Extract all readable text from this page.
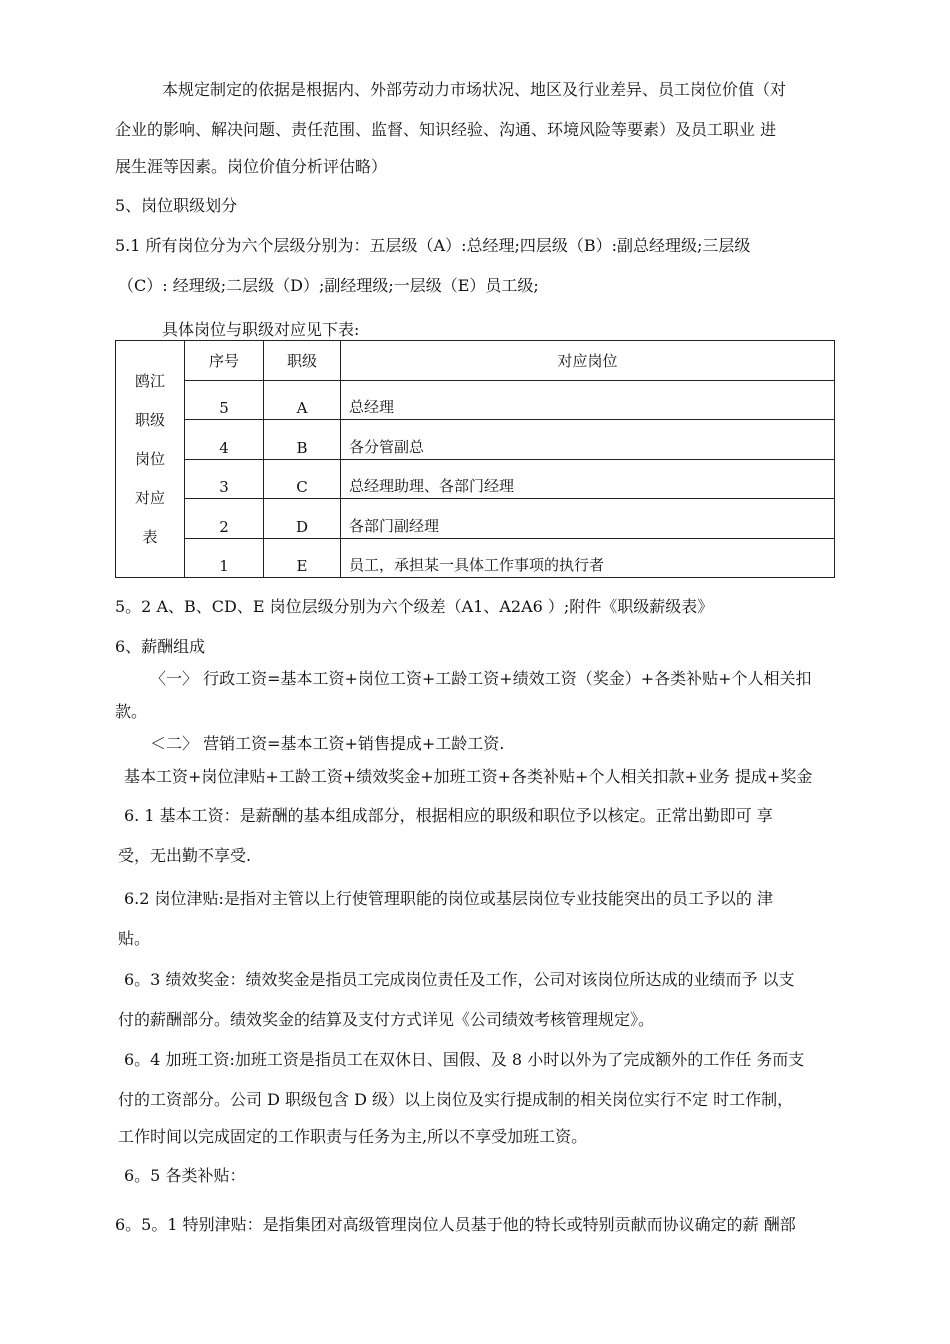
本规定制定的依据是根据内、外部劳动力市场状况、地区及行业差异、员工岗位价值（对
企业的影响、解决问题、责任范围、监督、知识经验、沟通、环境风险等要素）及员工职业 进
展生涯等因素。岗位价值分析评估略）
5、岗位职级划分
5.1 所有岗位分为六个层级分别为：五层级（A）:总经理;四层级（B）:副总经理级;三层级
（C）: 经理级;二层级（D）;副经理级;一层级（E）员工级;
具体岗位与职级对应见下表:
鸥江
职级
岗位
对应
表	序号	职级	对应岗位
	5	A	总经理
	4	B	各分管副总
	3	C	总经理助理、各部门经理
	2	D	各部门副经理
	1	E	员工，承担某一具体工作事项的执行者
5。2 A、B、CD、E 岗位层级分别为六个级差（A1、A2A6 ）;附件《职级薪级表》
6、薪酬组成
〈一〉 行政工资=基本工资+岗位工资+工龄工资+绩效工资（奖金）+各类补贴+个人相关扣
款。
＜二〉 营销工资=基本工资+销售提成+工龄工资.
基本工资+岗位津贴+工龄工资+绩效奖金+加班工资+各类补贴+个人相关扣款+业务 提成+奖金
6. 1 基本工资：是薪酬的基本组成部分，根据相应的职级和职位予以核定。正常出勤即可 享
受，无出勤不享受.
6.2 岗位津贴:是指对主管以上行使管理职能的岗位或基层岗位专业技能突出的员工予以的 津
贴。
6。3 绩效奖金：绩效奖金是指员工完成岗位责任及工作，公司对该岗位所达成的业绩而予 以支
付的薪酬部分。绩效奖金的结算及支付方式详见《公司绩效考核管理规定》。
6。4 加班工资:加班工资是指员工在双休日、国假、及 8 小时以外为了完成额外的工作任 务而支
付的工资部分。公司 D 职级包含 D 级）以上岗位及实行提成制的相关岗位实行不定 时工作制，
工作时间以完成固定的工作职责与任务为主,所以不享受加班工资。
6。5 各类补贴：
6。5。1 特别津贴：是指集团对高级管理岗位人员基于他的特长或特别贡献而协议确定的薪 酬部
